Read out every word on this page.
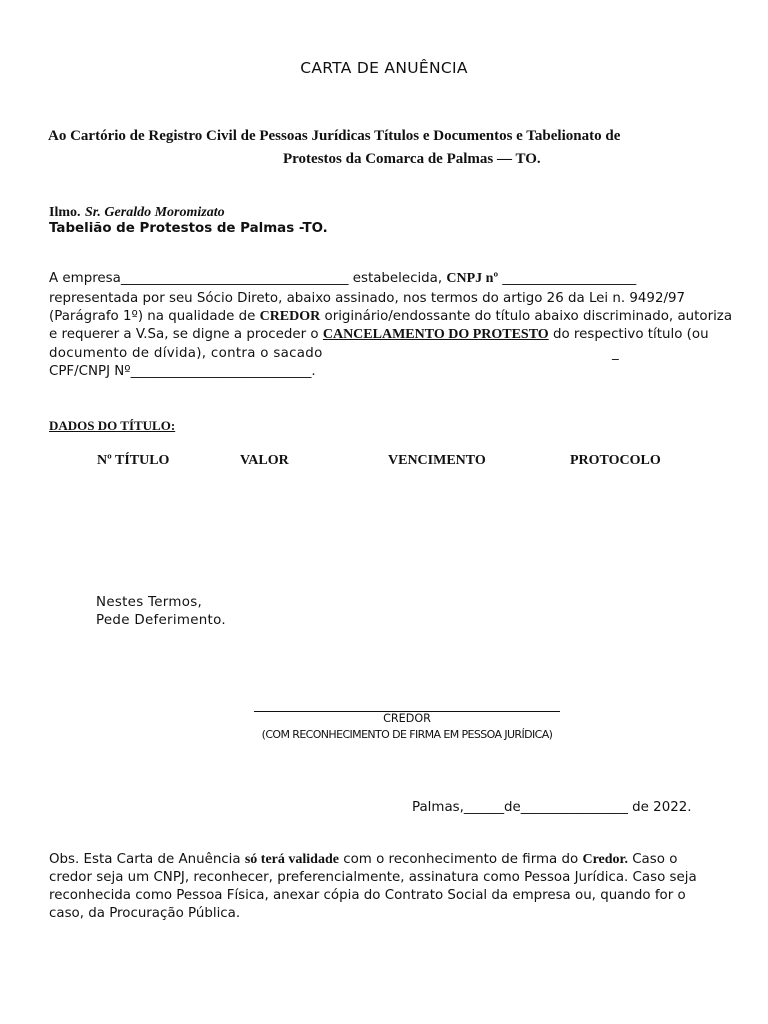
CARTA DE ANUÊNCIA
Ao Cartório de Registro Civil de Pessoas Jurídicas Títulos e Documentos e Tabelionato de
Protestos da Comarca de Palmas — TO.
Ilmo. Sr. Geraldo Moromizato
Tabelião de Protestos de Palmas -TO.
A empresa__________________________________ estabelecida, CNPJ nº ____________________
representada por seu Sócio Direto, abaixo assinado, nos termos do artigo 26 da Lei n. 9492/97
(Parágrafo 1º) na qualidade de CREDOR originário/endossante do título abaixo discriminado, autoriza
e requerer a V.Sa, se digne a proceder o CANCELAMENTO DO PROTESTO do respectivo título (ou
documento de dívida), contra o sacado	_
CPF/CNPJ Nº___________________________.
DADOS DO TÍTULO:
Nº TÍTULO	VALOR	VENCIMENTO	PROTOCOLO
Nestes Termos,
Pede Deferimento.
CREDOR
(COM RECONHECIMENTO DE FIRMA EM PESSOA JURÍDICA)
Palmas,______de________________ de 2022.
Obs. Esta Carta de Anuência só terá validade com o reconhecimento de firma do Credor. Caso o
credor seja um CNPJ, reconhecer, preferencialmente, assinatura como Pessoa Jurídica. Caso seja
reconhecida como Pessoa Física, anexar cópia do Contrato Social da empresa ou, quando for o
caso, da Procuração Pública.
